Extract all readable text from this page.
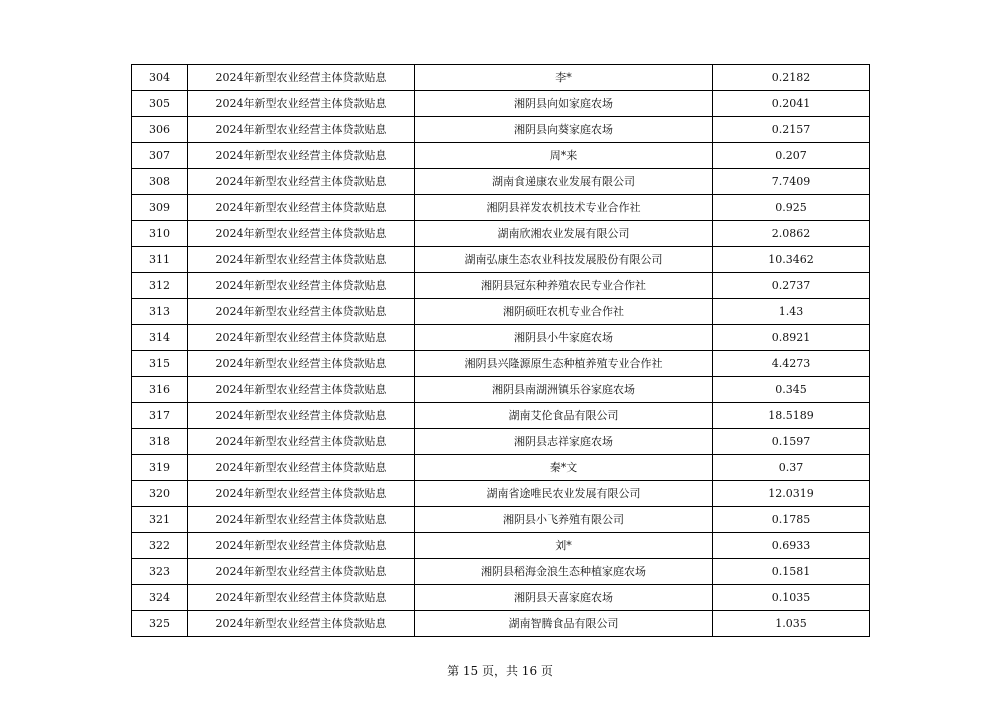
304	2024年新型农业经营主体贷款贴息	李*	0.2182
305	2024年新型农业经营主体贷款贴息	湘阴县向如家庭农场	0.2041
306	2024年新型农业经营主体贷款贴息	湘阴县向葵家庭农场	0.2157
307	2024年新型农业经营主体贷款贴息	周*来	0.207
308	2024年新型农业经营主体贷款贴息	湖南食递康农业发展有限公司	7.7409
309	2024年新型农业经营主体贷款贴息	湘阴县祥发农机技术专业合作社	0.925
310	2024年新型农业经营主体贷款贴息	湖南欣湘农业发展有限公司	2.0862
311	2024年新型农业经营主体贷款贴息	湖南弘康生态农业科技发展股份有限公司	10.3462
312	2024年新型农业经营主体贷款贴息	湘阴县冠东种养殖农民专业合作社	0.2737
313	2024年新型农业经营主体贷款贴息	湘阴硕旺农机专业合作社	1.43
314	2024年新型农业经营主体贷款贴息	湘阴县小牛家庭农场	0.8921
315	2024年新型农业经营主体贷款贴息	湘阴县兴隆源原生态种植养殖专业合作社	4.4273
316	2024年新型农业经营主体贷款贴息	湘阴县南湖洲镇乐谷家庭农场	0.345
317	2024年新型农业经营主体贷款贴息	湖南艾伦食品有限公司	18.5189
318	2024年新型农业经营主体贷款贴息	湘阴县志祥家庭农场	0.1597
319	2024年新型农业经营主体贷款贴息	秦*文	0.37
320	2024年新型农业经营主体贷款贴息	湖南省途唯民农业发展有限公司	12.0319
321	2024年新型农业经营主体贷款贴息	湘阴县小飞养殖有限公司	0.1785
322	2024年新型农业经营主体贷款贴息	刘*	0.6933
323	2024年新型农业经营主体贷款贴息	湘阴县稻海金浪生态种植家庭农场	0.1581
324	2024年新型农业经营主体贷款贴息	湘阴县天喜家庭农场	0.1035
325	2024年新型农业经营主体贷款贴息	湖南智腾食品有限公司	1.035
第 15 页，共 16 页
